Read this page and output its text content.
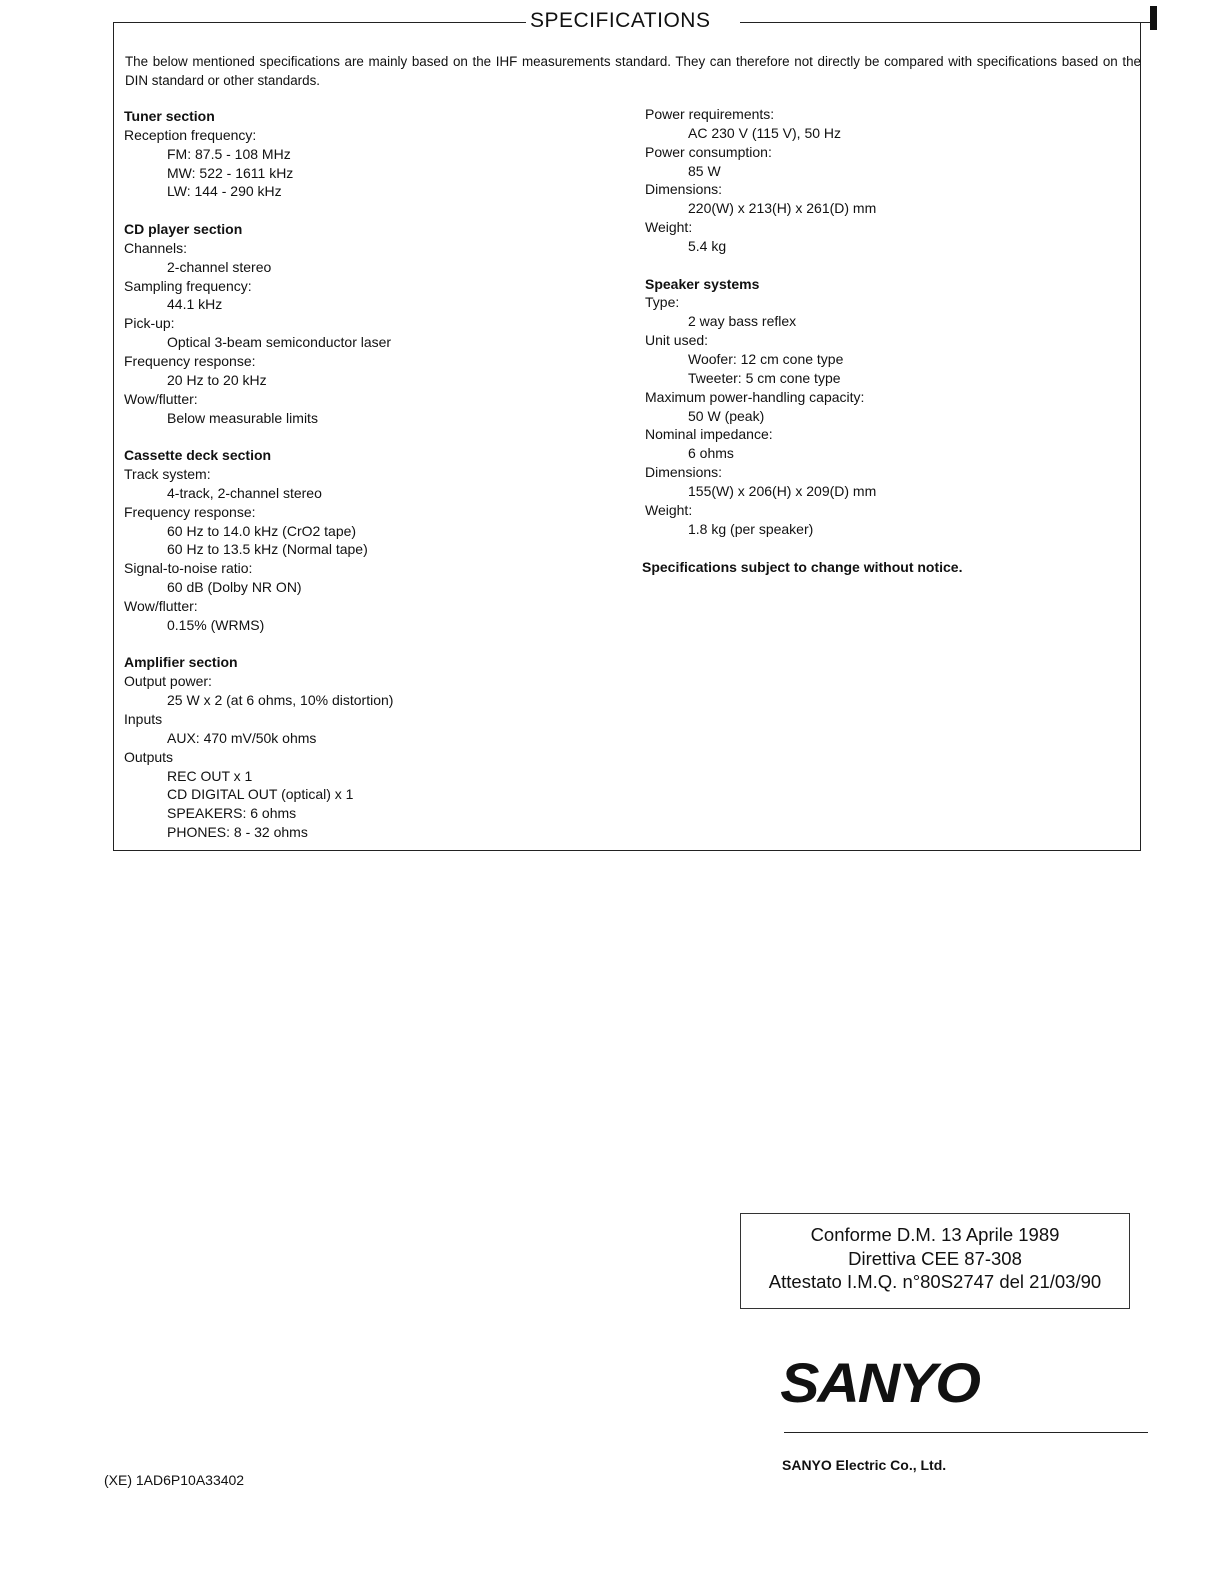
SPECIFICATIONS
The below mentioned specifications are mainly based on the IHF measurements standard. They can therefore not directly be compared with specifications based on the DIN standard or other standards.
Tuner section
Reception frequency:
FM: 87.5 - 108 MHz
MW: 522 - 1611 kHz
LW: 144 - 290 kHz
CD player section
Channels:
2-channel stereo
Sampling frequency:
44.1 kHz
Pick-up:
Optical 3-beam semiconductor laser
Frequency response:
20 Hz to 20 kHz
Wow/flutter:
Below measurable limits
Cassette deck section
Track system:
4-track, 2-channel stereo
Frequency response:
60 Hz to 14.0 kHz (CrO2 tape)
60 Hz to 13.5 kHz (Normal tape)
Signal-to-noise ratio:
60 dB (Dolby NR ON)
Wow/flutter:
0.15% (WRMS)
Amplifier section
Output power:
25 W x 2 (at 6 ohms, 10% distortion)
Inputs
AUX: 470 mV/50k ohms
Outputs
REC OUT x 1
CD DIGITAL OUT (optical) x 1
SPEAKERS: 6 ohms
PHONES: 8 - 32 ohms
Power requirements:
AC 230 V (115 V), 50 Hz
Power consumption:
85 W
Dimensions:
220(W) x 213(H) x 261(D) mm
Weight:
5.4 kg
Speaker systems
Type:
2 way bass reflex
Unit used:
Woofer: 12 cm cone type
Tweeter: 5 cm cone type
Maximum power-handling capacity:
50 W (peak)
Nominal impedance:
6 ohms
Dimensions:
155(W) x 206(H) x 209(D) mm
Weight:
1.8 kg (per speaker)
Specifications subject to change without notice.
Conforme D.M. 13 Aprile 1989
Direttiva CEE 87-308
Attestato I.M.Q. n°80S2747 del 21/03/90
SANYO
SANYO Electric Co., Ltd.
(XE) 1AD6P10A33402
